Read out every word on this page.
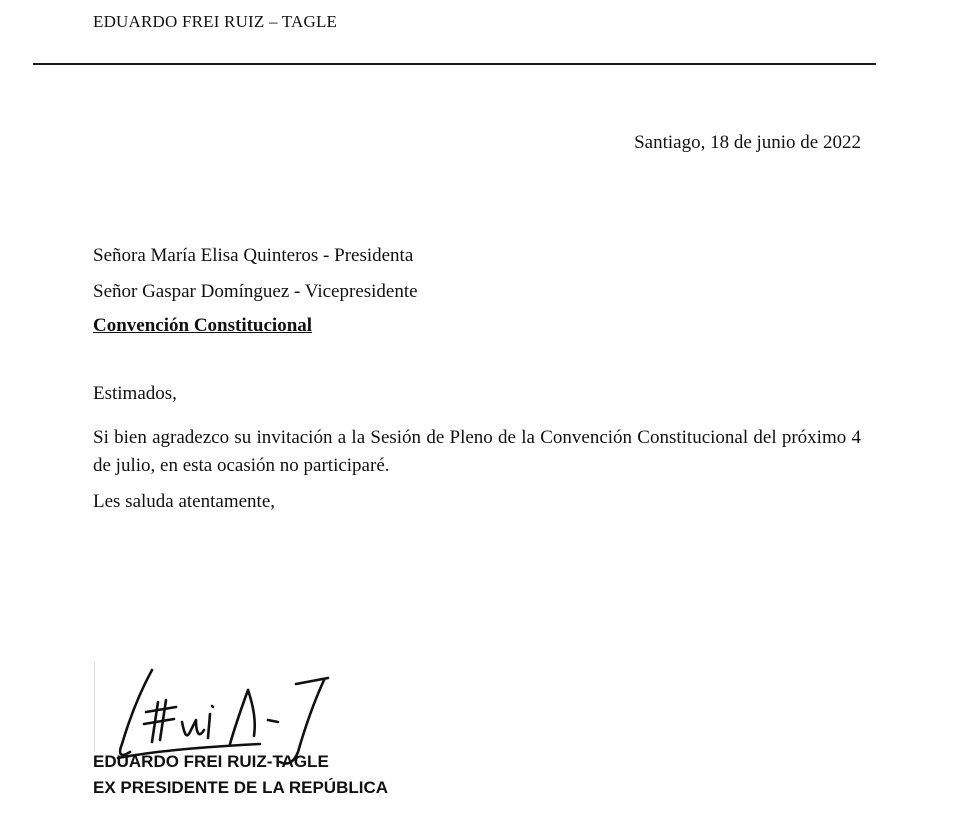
EDUARDO FREI RUIZ – TAGLE
Santiago, 18 de junio de 2022
Señora María Elisa Quinteros - Presidenta
Señor Gaspar Domínguez - Vicepresidente
Convención Constitucional
Estimados,
Si bien agradezco su invitación a la Sesión de Pleno de la Convención Constitucional del próximo 4 de julio, en esta ocasión no participaré.
Les saluda atentamente,
EDUARDO FREI RUIZ-TAGLE
EX PRESIDENTE DE LA REPÚBLICA
